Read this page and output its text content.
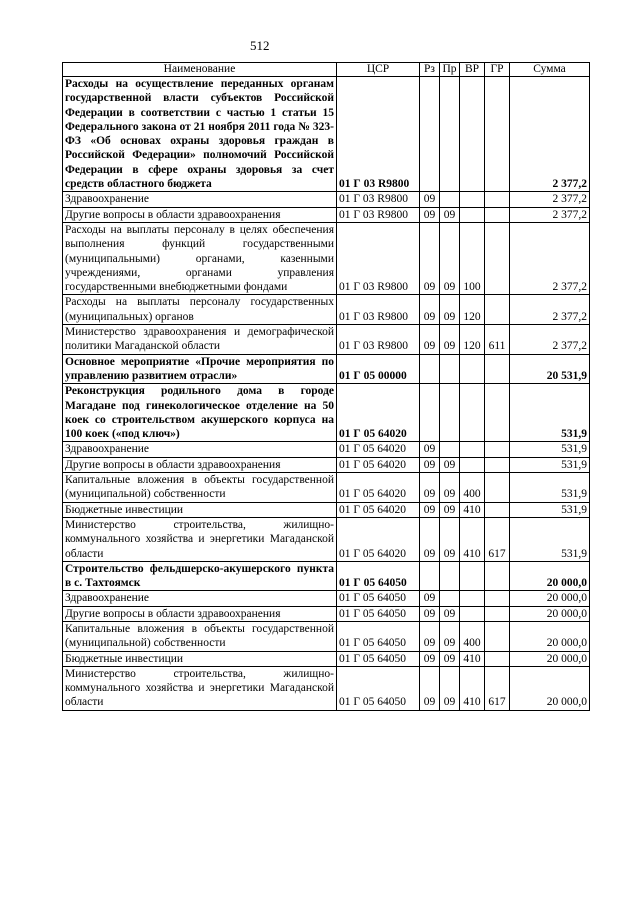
512
Наименование	ЦСР	Рз	Пр	ВР	ГР	Сумма
Расходы на осуществление переданных органам государственной власти субъектов Российской Федерации в соответствии с частью 1 статьи 15 Федерального закона от 21 ноября 2011 года № 323-ФЗ «Об основах охраны здоровья граждан в Российской Федерации» полномочий Российской Федерации в сфере охраны здоровья за счет средств областного бюджета	01 Г 03 R9800					2 377,2
Здравоохранение	01 Г 03 R9800	09				2 377,2
Другие вопросы в области здравоохранения	01 Г 03 R9800	09	09			2 377,2
Расходы на выплаты персоналу в целях обеспечения выполнения функций государственными (муниципальными) органами, казенными учреждениями, органами управления государственными внебюджетными фондами	01 Г 03 R9800	09	09	100		2 377,2
Расходы на выплаты персоналу государственных (муниципальных) органов	01 Г 03 R9800	09	09	120		2 377,2
Министерство здравоохранения и демографической политики Магаданской области	01 Г 03 R9800	09	09	120	611	2 377,2
Основное мероприятие «Прочие мероприятия по управлению развитием отрасли»	01 Г 05 00000					20 531,9
Реконструкция родильного дома в городе Магадане под гинекологическое отделение на 50 коек со строительством акушерского корпуса на 100 коек («под ключ»)	01 Г 05 64020					531,9
Здравоохранение	01 Г 05 64020	09				531,9
Другие вопросы в области здравоохранения	01 Г 05 64020	09	09			531,9
Капитальные вложения в объекты государственной (муниципальной) собственности	01 Г 05 64020	09	09	400		531,9
Бюджетные инвестиции	01 Г 05 64020	09	09	410		531,9
Министерство строительства, жилищно-коммунального хозяйства и энергетики Магаданской области	01 Г 05 64020	09	09	410	617	531,9
Строительство фельдшерско-акушерского пункта в с. Тахтоямск	01 Г 05 64050					20 000,0
Здравоохранение	01 Г 05 64050	09				20 000,0
Другие вопросы в области здравоохранения	01 Г 05 64050	09	09			20 000,0
Капитальные вложения в объекты государственной (муниципальной) собственности	01 Г 05 64050	09	09	400		20 000,0
Бюджетные инвестиции	01 Г 05 64050	09	09	410		20 000,0
Министерство строительства, жилищно-коммунального хозяйства и энергетики Магаданской области	01 Г 05 64050	09	09	410	617	20 000,0
